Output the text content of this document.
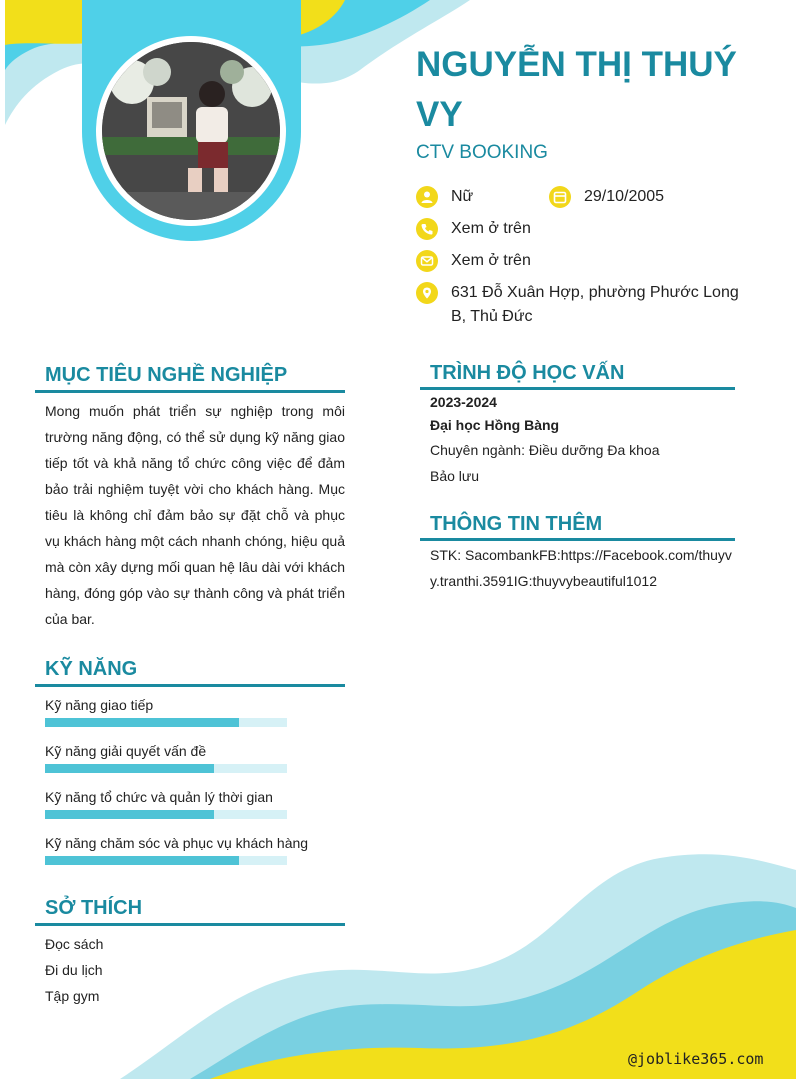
NGUYỄN THỊ THUÝ VY
CTV BOOKING
Nữ	29/10/2005
Xem ở trên
Xem ở trên
631 Đỗ Xuân Hợp, phường Phước Long B, Thủ Đức
MỤC TIÊU NGHỀ NGHIỆP
Mong muốn phát triển sự nghiệp trong môi trường năng động, có thể sử dụng kỹ năng giao tiếp tốt và khả năng tổ chức công việc để đảm bảo trải nghiệm tuyệt vời cho khách hàng. Mục tiêu là không chỉ đảm bảo sự đặt chỗ và phục vụ khách hàng một cách nhanh chóng, hiệu quả mà còn xây dựng mối quan hệ lâu dài với khách hàng, đóng góp vào sự thành công và phát triển của bar.
KỸ NĂNG
Kỹ năng giao tiếp
Kỹ năng giải quyết vấn đề
Kỹ năng tổ chức và quản lý thời gian
Kỹ năng chăm sóc và phục vụ khách hàng
SỞ THÍCH
Đọc sách
Đi du lịch
Tập gym
TRÌNH ĐỘ HỌC VẤN
2023-2024
Đại học Hồng Bàng
Chuyên ngành: Điều dưỡng Đa khoa
Bảo lưu
THÔNG TIN THÊM
STK: SacombankFB:https://Facebook.com/thuyvy.tranthi.3591IG:thuyvybeautiful1012
@joblike365.com
